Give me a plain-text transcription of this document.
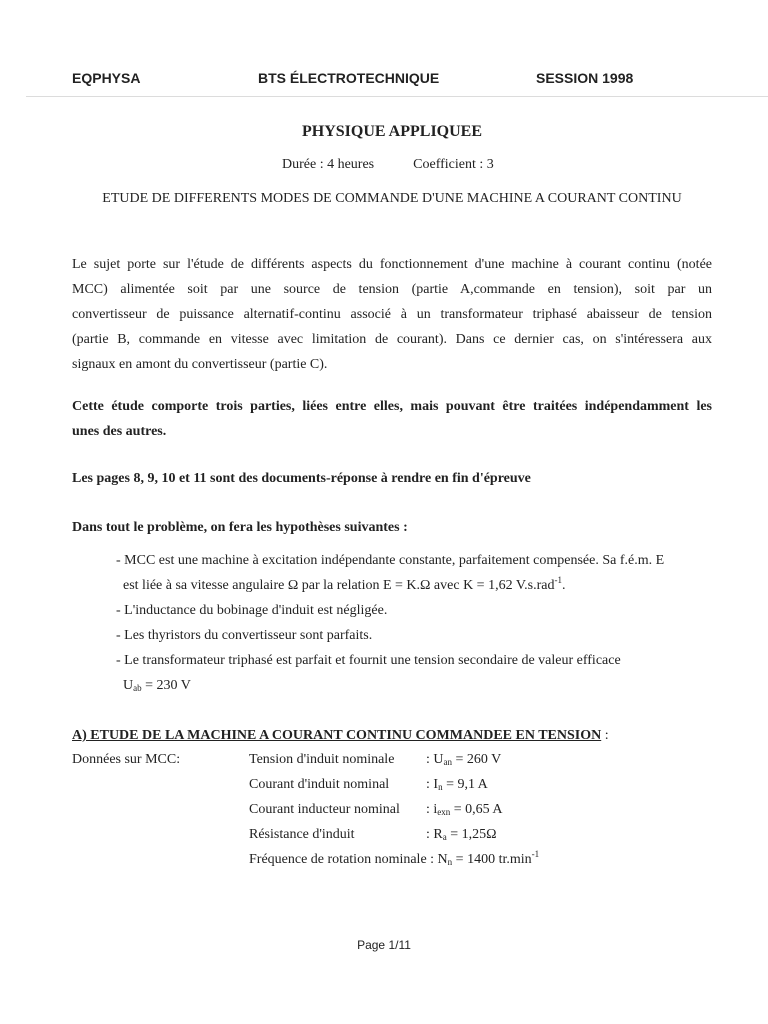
EQPHYSA	BTS ÉLECTROTECHNIQUE	SESSION 1998
PHYSIQUE APPLIQUEE
Durée : 4 heures	Coefficient : 3
ETUDE DE DIFFERENTS MODES DE COMMANDE D'UNE MACHINE A COURANT CONTINU
Le sujet porte sur l'étude de différents aspects du fonctionnement d'une machine à courant continu (notée
MCC) alimentée soit par une source de tension (partie A,commande en tension), soit par un
convertisseur de puissance alternatif-continu associé à un transformateur triphasé abaisseur de tension
(partie B, commande en vitesse avec limitation de courant). Dans ce dernier cas, on s'intéressera aux
signaux en amont du convertisseur (partie C).
Cette étude comporte trois parties, liées entre elles, mais pouvant être traitées indépendamment les
unes des autres.
Les pages 8, 9, 10 et 11 sont des documents-réponse à rendre en fin d'épreuve
Dans tout le problème, on fera les hypothèses suivantes :
- MCC est une machine à excitation indépendante constante, parfaitement compensée. Sa f.é.m. E
est liée à sa vitesse angulaire Ω par la relation E = K.Ω avec K = 1,62 V.s.rad$^{-1}$.
- L'inductance du bobinage d'induit est négligée.
- Les thyristors du convertisseur sont parfaits.
- Le transformateur triphasé est parfait et fournit une tension secondaire de valeur efficace
$U_{ab} = 230$ V
A) ETUDE DE LA MACHINE A COURANT CONTINU COMMANDEE EN TENSION :
Données sur MCC:	Tension d'induit nominale : $U_{an} = 260$ V
Courant d'induit nominal	: $I_n = 9,1$ A
Courant inducteur nominal : $i_{exn} = 0,65$ A
Résistance d'induit	: $R_a = 1,25\Omega$
Fréquence de rotation nominale : $N_n = 1400$ $tr.\min^{-1}$
Page 1/11
